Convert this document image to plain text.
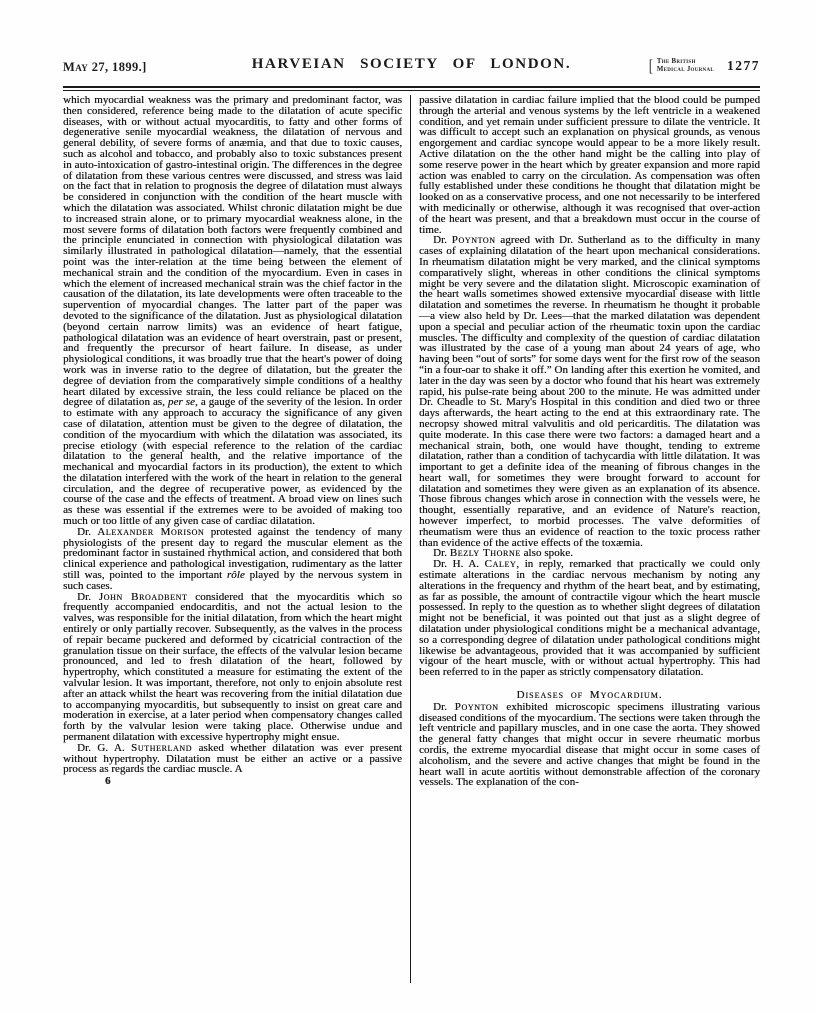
May 27, 1899.]	HARVEIAN SOCIETY OF LONDON.	[ The British
Medical Journal 1277

which myocardial weakness was the primary and predominant factor, was then considered, reference being made to the dilatation of acute specific diseases, with or without actual myocarditis, to fatty and other forms of degenerative senile myocardial weakness, the dilatation of nervous and general debility, of severe forms of anæmia, and that due to toxic causes, such as alcohol and tobacco, and probably also to toxic substances present in auto-intoxication of gastro-intestinal origin. The differences in the degree of dilatation from these various centres were discussed, and stress was laid on the fact that in relation to prognosis the degree of dilatation must always be considered in conjunction with the condition of the heart muscle with which the dilatation was associated. Whilst chronic dilatation might be due to increased strain alone, or to primary myocardial weakness alone, in the most severe forms of dilatation both factors were frequently combined and the principle enunciated in connection with physiological dilatation was similarly illustrated in pathological dilatation—namely, that the essential point was the inter-relation at the time being between the element of mechanical strain and the condition of the myocardium. Even in cases in which the element of increased mechanical strain was the chief factor in the causation of the dilatation, its late developments were often traceable to the supervention of myocardial changes. The latter part of the paper was devoted to the significance of the dilatation. Just as physiological dilatation (beyond certain narrow limits) was an evidence of heart fatigue, pathological dilatation was an evidence of heart overstrain, past or present, and frequently the precursor of heart failure. In disease, as under physiological conditions, it was broadly true that the heart's power of doing work was in inverse ratio to the degree of dilatation, but the greater the degree of deviation from the comparatively simple conditions of a healthy heart dilated by excessive strain, the less could reliance be placed on the degree of dilatation as, per se, a gauge of the severity of the lesion. In order to estimate with any approach to accuracy the significance of any given case of dilatation, attention must be given to the degree of dilatation, the condition of the myocardium with which the dilatation was associated, its precise etiology (with especial reference to the relation of the cardiac dilatation to the general health, and the relative importance of the mechanical and myocardial factors in its production), the extent to which the dilatation interfered with the work of the heart in relation to the general circulation, and the degree of recuperative power, as evidenced by the course of the case and the effects of treatment. A broad view on lines such as these was essential if the extremes were to be avoided of making too much or too little of any given case of cardiac dilatation.

Dr. Alexander Morison protested against the tendency of many physiologists of the present day to regard the muscular element as the predominant factor in sustained rhythmical action, and considered that both clinical experience and pathological investigation, rudimentary as the latter still was, pointed to the important rôle played by the nervous system in such cases.

Dr. John Broadbent considered that the myocarditis which so frequently accompanied endocarditis, and not the actual lesion to the valves, was responsible for the initial dilatation, from which the heart might entirely or only partially recover. Subsequently, as the valves in the process of repair became puckered and deformed by cicatricial contraction of the granulation tissue on their surface, the effects of the valvular lesion became pronounced, and led to fresh dilatation of the heart, followed by hypertrophy, which constituted a measure for estimating the extent of the valvular lesion. It was important, therefore, not only to enjoin absolute rest after an attack whilst the heart was recovering from the initial dilatation due to accompanying myocarditis, but subsequently to insist on great care and moderation in exercise, at a later period when compensatory changes called forth by the valvular lesion were taking place. Otherwise undue and permanent dilatation with excessive hypertrophy might ensue.

Dr. G. A. Sutherland asked whether dilatation was ever present without hypertrophy. Dilatation must be either an active or a passive process as regards the cardiac muscle. A

6

passive dilatation in cardiac failure implied that the blood could be pumped through the arterial and venous systems by the left ventricle in a weakened condition, and yet remain under sufficient pressure to dilate the ventricle. It was difficult to accept such an explanation on physical grounds, as venous engorgement and cardiac syncope would appear to be a more likely result. Active dilatation on the the other hand might be the calling into play of some reserve power in the heart which by greater expansion and more rapid action was enabled to carry on the circulation. As compensation was often fully established under these conditions he thought that dilatation might be looked on as a conservative process, and one not necessarily to be interfered with medicinally or otherwise, although it was recognised that over-action of the heart was present, and that a breakdown must occur in the course of time.

Dr. Poynton agreed with Dr. Sutherland as to the difficulty in many cases of explaining dilatation of the heart upon mechanical considerations. In rheumatism dilatation might be very marked, and the clinical symptoms comparatively slight, whereas in other conditions the clinical symptoms might be very severe and the dilatation slight. Microscopic examination of the heart walls sometimes showed extensive myocardial disease with little dilatation and sometimes the reverse. In rheumatism he thought it probable—a view also held by Dr. Lees—that the marked dilatation was dependent upon a special and peculiar action of the rheumatic toxin upon the cardiac muscles. The difficulty and complexity of the question of cardiac dilatation was illustrated by the case of a young man about 24 years of age, who having been “out of sorts” for some days went for the first row of the season “in a four-oar to shake it off.” On landing after this exertion he vomited, and later in the day was seen by a doctor who found that his heart was extremely rapid, his pulse-rate being about 200 to the minute. He was admitted under Dr. Cheadle to St. Mary's Hospital in this condition and died two or three days afterwards, the heart acting to the end at this extraordinary rate. The necropsy showed mitral valvulitis and old pericarditis. The dilatation was quite moderate. In this case there were two factors: a damaged heart and a mechanical strain, both, one would have thought, tending to extreme dilatation, rather than a condition of tachycardia with little dilatation. It was important to get a definite idea of the meaning of fibrous changes in the heart wall, for sometimes they were brought forward to account for dilatation and sometimes they were given as an explanation of its absence. Those fibrous changes which arose in connection with the vessels were, he thought, essentially reparative, and an evidence of Nature's reaction, however imperfect, to morbid processes. The valve deformities of rheumatism were thus an evidence of reaction to the toxic process rather than evidence of the active effects of the toxæmia.

Dr. Bezly Thorne also spoke.

Dr. H. A. Caley, in reply, remarked that practically we could only estimate alterations in the cardiac nervous mechanism by noting any alterations in the frequency and rhythm of the heart beat, and by estimating, as far as possible, the amount of contractile vigour which the heart muscle possessed. In reply to the question as to whether slight degrees of dilatation might not be beneficial, it was pointed out that just as a slight degree of dilatation under physiological conditions might be a mechanical advantage, so a corresponding degree of dilatation under pathological conditions might likewise be advantageous, provided that it was accompanied by sufficient vigour of the heart muscle, with or without actual hypertrophy. This had been referred to in the paper as strictly compensatory dilatation.

Diseases of Myocardium.

Dr. Poynton exhibited microscopic specimens illustrating various diseased conditions of the myocardium. The sections were taken through the left ventricle and papillary muscles, and in one case the aorta. They showed the general fatty changes that might occur in severe rheumatic morbus cordis, the extreme myocardial disease that might occur in some cases of alcoholism, and the severe and active changes that might be found in the heart wall in acute aortitis without demonstrable affection of the coronary vessels. The explanation of the con-
